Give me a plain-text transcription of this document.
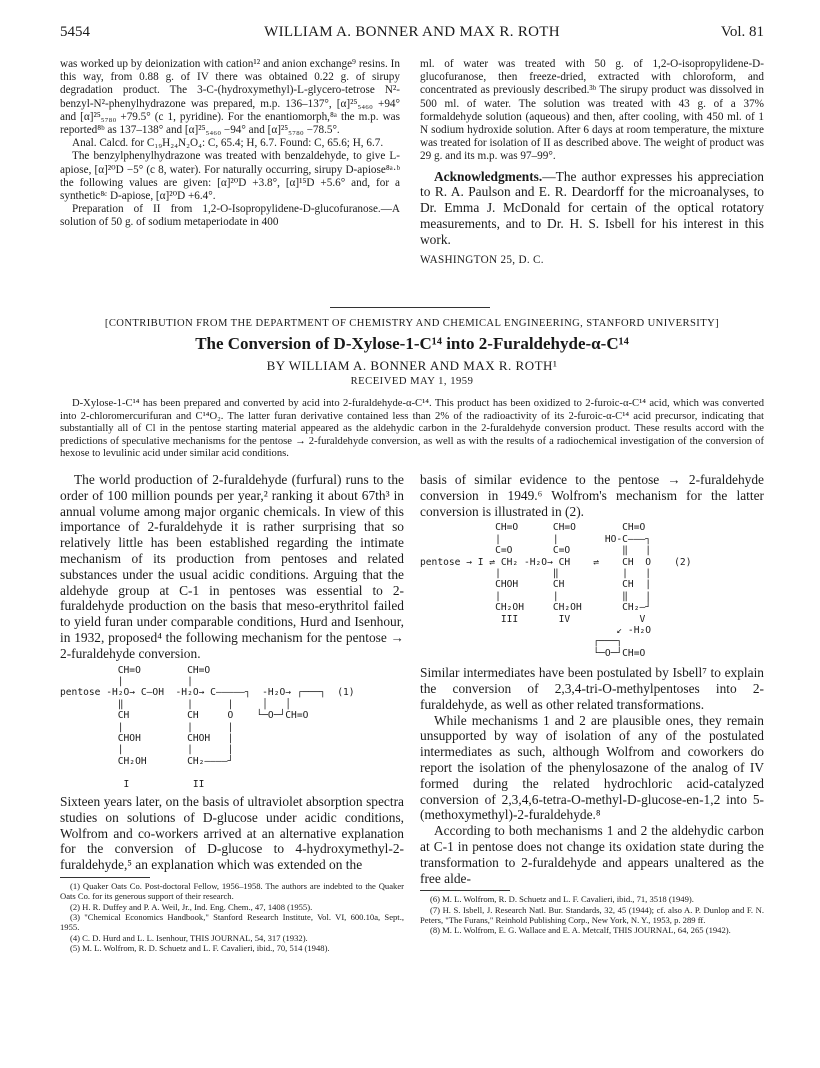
5454	WILLIAM A. BONNER AND MAX R. ROTH	Vol. 81

was worked up by deionization with cation¹² and anion exchange⁹ resins. In this way, from 0.88 g. of IV there was obtained 0.22 g. of sirupy degradation product. The 3-C-(hydroxymethyl)-L-glycero-tetrose N²-benzyl-N²-phenylhydrazone was prepared, m.p. 136–137°, [α]²⁵₅₄₆₀ +94° and [α]²⁵₅₇₈₀ +79.5° (c 1, pyridine). For the enantiomorph,⁸ᵃ the m.p. was reported⁸ᵇ as 137–138° and [α]²⁵₅₄₆₀ −94° and [α]²⁵₅₇₈₀ −78.5°.

Anal. Calcd. for C₁₉H₂₄N₂O₄: C, 65.4; H, 6.7. Found: C, 65.6; H, 6.7.

The benzylphenylhydrazone was treated with benzaldehyde, to give L-apiose, [α]²⁰D −5° (c 8, water). For naturally occurring, sirupy D-apiose⁸ᵃ·ᵇ the following values are given: [α]²⁰D +3.8°, [α]¹⁵D +5.6° and, for a synthetic⁸ᶜ D-apiose, [α]²⁰D +6.4°.

Preparation of II from 1,2-O-Isopropylidene-D-glucofuranose.—A solution of 50 g. of sodium metaperiodate in 400

ml. of water was treated with 50 g. of 1,2-O-isopropylidene-D-glucofuranose, then freeze-dried, extracted with chloroform, and concentrated as previously described.³ᵇ The sirupy product was dissolved in 500 ml. of water. The solution was treated with 43 g. of a 37% formaldehyde solution (aqueous) and then, after cooling, with 450 ml. of 1 N sodium hydroxide solution. After 6 days at room temperature, the mixture was treated for isolation of II as described above. The weight of product was 29 g. and its m.p. was 97–99°.

Acknowledgments.—The author expresses his appreciation to R. A. Paulson and E. R. Deardorff for the microanalyses, to Dr. Emma J. McDonald for certain of the optical rotatory measurements, and to Dr. H. S. Isbell for his interest in this work.

WASHINGTON 25, D. C.

[CONTRIBUTION FROM THE DEPARTMENT OF CHEMISTRY AND CHEMICAL ENGINEERING, STANFORD UNIVERSITY]
The Conversion of D-Xylose-1-C¹⁴ into 2-Furaldehyde-α-C¹⁴
BY WILLIAM A. BONNER AND MAX R. ROTH¹
RECEIVED MAY 1, 1959

D-Xylose-1-C¹⁴ has been prepared and converted by acid into 2-furaldehyde-α-C¹⁴. This product has been oxidized to 2-furoic-α-C¹⁴ acid, which was converted into 2-chloromercurifuran and C¹⁴O₂. The latter furan derivative contained less than 2% of the radioactivity of its 2-furoic-α-C¹⁴ acid precursor, indicating that substantially all of Cl in the pentose starting material appeared as the aldehydic carbon in the 2-furaldehyde conversion product. These results accord with the predictions of speculative mechanisms for the pentose → 2-furaldehyde conversion, as well as with the results of a radiochemical investigation of the conversion of hexose to levulinic acid under similar acid conditions.

The world production of 2-furaldehyde (furfural) runs to the order of 100 million pounds per year,² ranking it about 67th³ in annual volume among major organic chemicals. In view of this importance of 2-furaldehyde it is rather surprising that so relatively little has been established regarding the intimate mechanism of its production from pentoses and related substances under the usual acidic conditions. Arguing that the aldehyde group at C-1 in pentoses was essential to 2-furaldehyde production on the basis that meso-erythritol failed to yield furan under comparable conditions, Hurd and Isenhour, in 1932, proposed⁴ the following mechanism for the pentose → 2-furaldehyde conversion.

CH=O        CH=O
|           |
pentose -H₂O→ C—OH  -H₂O→ C—————┐  -H₂O→ ┌───┐  (1)
‖           |      |     │   │
CH          CH     O    └─O─┘CH=O
|           |      |
CHOH        CHOH   |
|           |      |
CH₂OH       CH₂————┘

I           II

Sixteen years later, on the basis of ultraviolet absorption spectra studies on solutions of D-glucose under acidic conditions, Wolfrom and co-workers arrived at an alternative explanation for the conversion of D-glucose to 4-hydroxymethyl-2-furaldehyde,⁵ an explanation which was extended on the

(1) Quaker Oats Co. Post-doctoral Fellow, 1956–1958. The authors are indebted to the Quaker Oats Co. for its generous support of their research.

(2) H. R. Duffey and P. A. Weil, Jr., Ind. Eng. Chem., 47, 1408 (1955).

(3) "Chemical Economics Handbook," Stanford Research Institute, Vol. VI, 600.10a, Sept., 1955.

(4) C. D. Hurd and L. L. Isenhour, THIS JOURNAL, 54, 317 (1932).

(5) M. L. Wolfrom, R. D. Schuetz and L. F. Cavalieri, ibid., 70, 514 (1948).

basis of similar evidence to the pentose → 2-furaldehyde conversion in 1949.⁶ Wolfrom's mechanism for the latter conversion is illustrated in (2).

CH=O      CH=O        CH=O
|         |        HO-C———┐
C=O       C=O         ‖   |
pentose → I ⇌ CH₂ -H₂O→ CH    ⇌    CH  O    (2)
|         ‖           |   |
CHOH      CH          CH  |
|         |           ‖   |
CH₂OH     CH₂OH       CH₂—┘
III       IV            V
↙ -H₂O
┌───┐
└─O─┘CH=O

Similar intermediates have been postulated by Isbell⁷ to explain the conversion of 2,3,4-tri-O-methylpentoses into 2-furaldehyde, as well as other related transformations.

While mechanisms 1 and 2 are plausible ones, they remain unsupported by way of isolation of any of the postulated intermediates as such, although Wolfrom and coworkers do report the isolation of the phenylosazone of the analog of IV formed during the related hydrochloric acid-catalyzed conversion of 2,3,4,6-tetra-O-methyl-D-glucose-en-1,2 into 5-(methoxymethyl)-2-furaldehyde.⁸

According to both mechanisms 1 and 2 the aldehydic carbon at C-1 in pentose does not change its oxidation state during the transformation to 2-furaldehyde and appears unaltered as the free alde-

(6) M. L. Wolfrom, R. D. Schuetz and L. F. Cavalieri, ibid., 71, 3518 (1949).

(7) H. S. Isbell, J. Research Natl. Bur. Standards, 32, 45 (1944); cf. also A. P. Dunlop and F. N. Peters, "The Furans," Reinhold Publishing Corp., New York, N. Y., 1953, p. 289 ff.

(8) M. L. Wolfrom, E. G. Wallace and E. A. Metcalf, THIS JOURNAL, 64, 265 (1942).
